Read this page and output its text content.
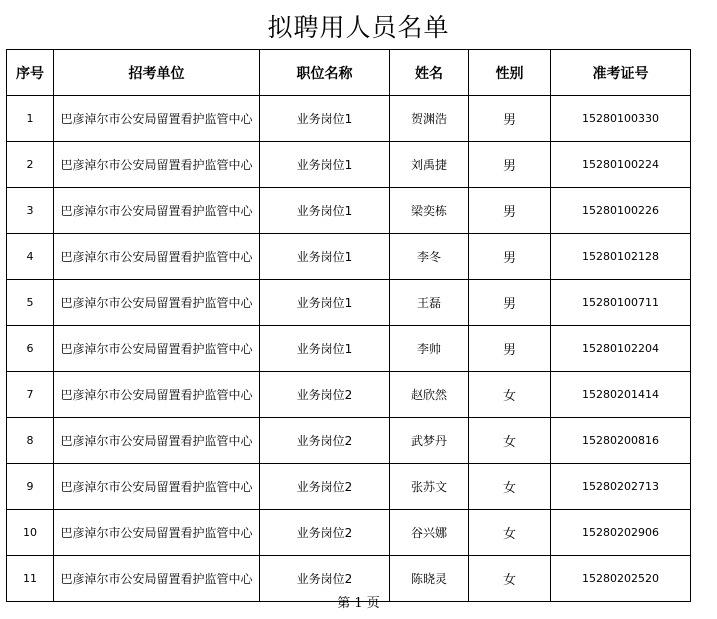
拟聘用人员名单
序号	招考单位	职位名称	姓名	性别	准考证号
1	巴彦淖尔市公安局留置看护监管中心	业务岗位1	贺渊浩	男	15280100330
2	巴彦淖尔市公安局留置看护监管中心	业务岗位1	刘禹捷	男	15280100224
3	巴彦淖尔市公安局留置看护监管中心	业务岗位1	梁奕栋	男	15280100226
4	巴彦淖尔市公安局留置看护监管中心	业务岗位1	李冬	男	15280102128
5	巴彦淖尔市公安局留置看护监管中心	业务岗位1	王磊	男	15280100711
6	巴彦淖尔市公安局留置看护监管中心	业务岗位1	李帅	男	15280102204
7	巴彦淖尔市公安局留置看护监管中心	业务岗位2	赵欣然	女	15280201414
8	巴彦淖尔市公安局留置看护监管中心	业务岗位2	武梦丹	女	15280200816
9	巴彦淖尔市公安局留置看护监管中心	业务岗位2	张苏文	女	15280202713
10	巴彦淖尔市公安局留置看护监管中心	业务岗位2	谷兴娜	女	15280202906
11	巴彦淖尔市公安局留置看护监管中心	业务岗位2	陈晓灵	女	15280202520
第 1 页
